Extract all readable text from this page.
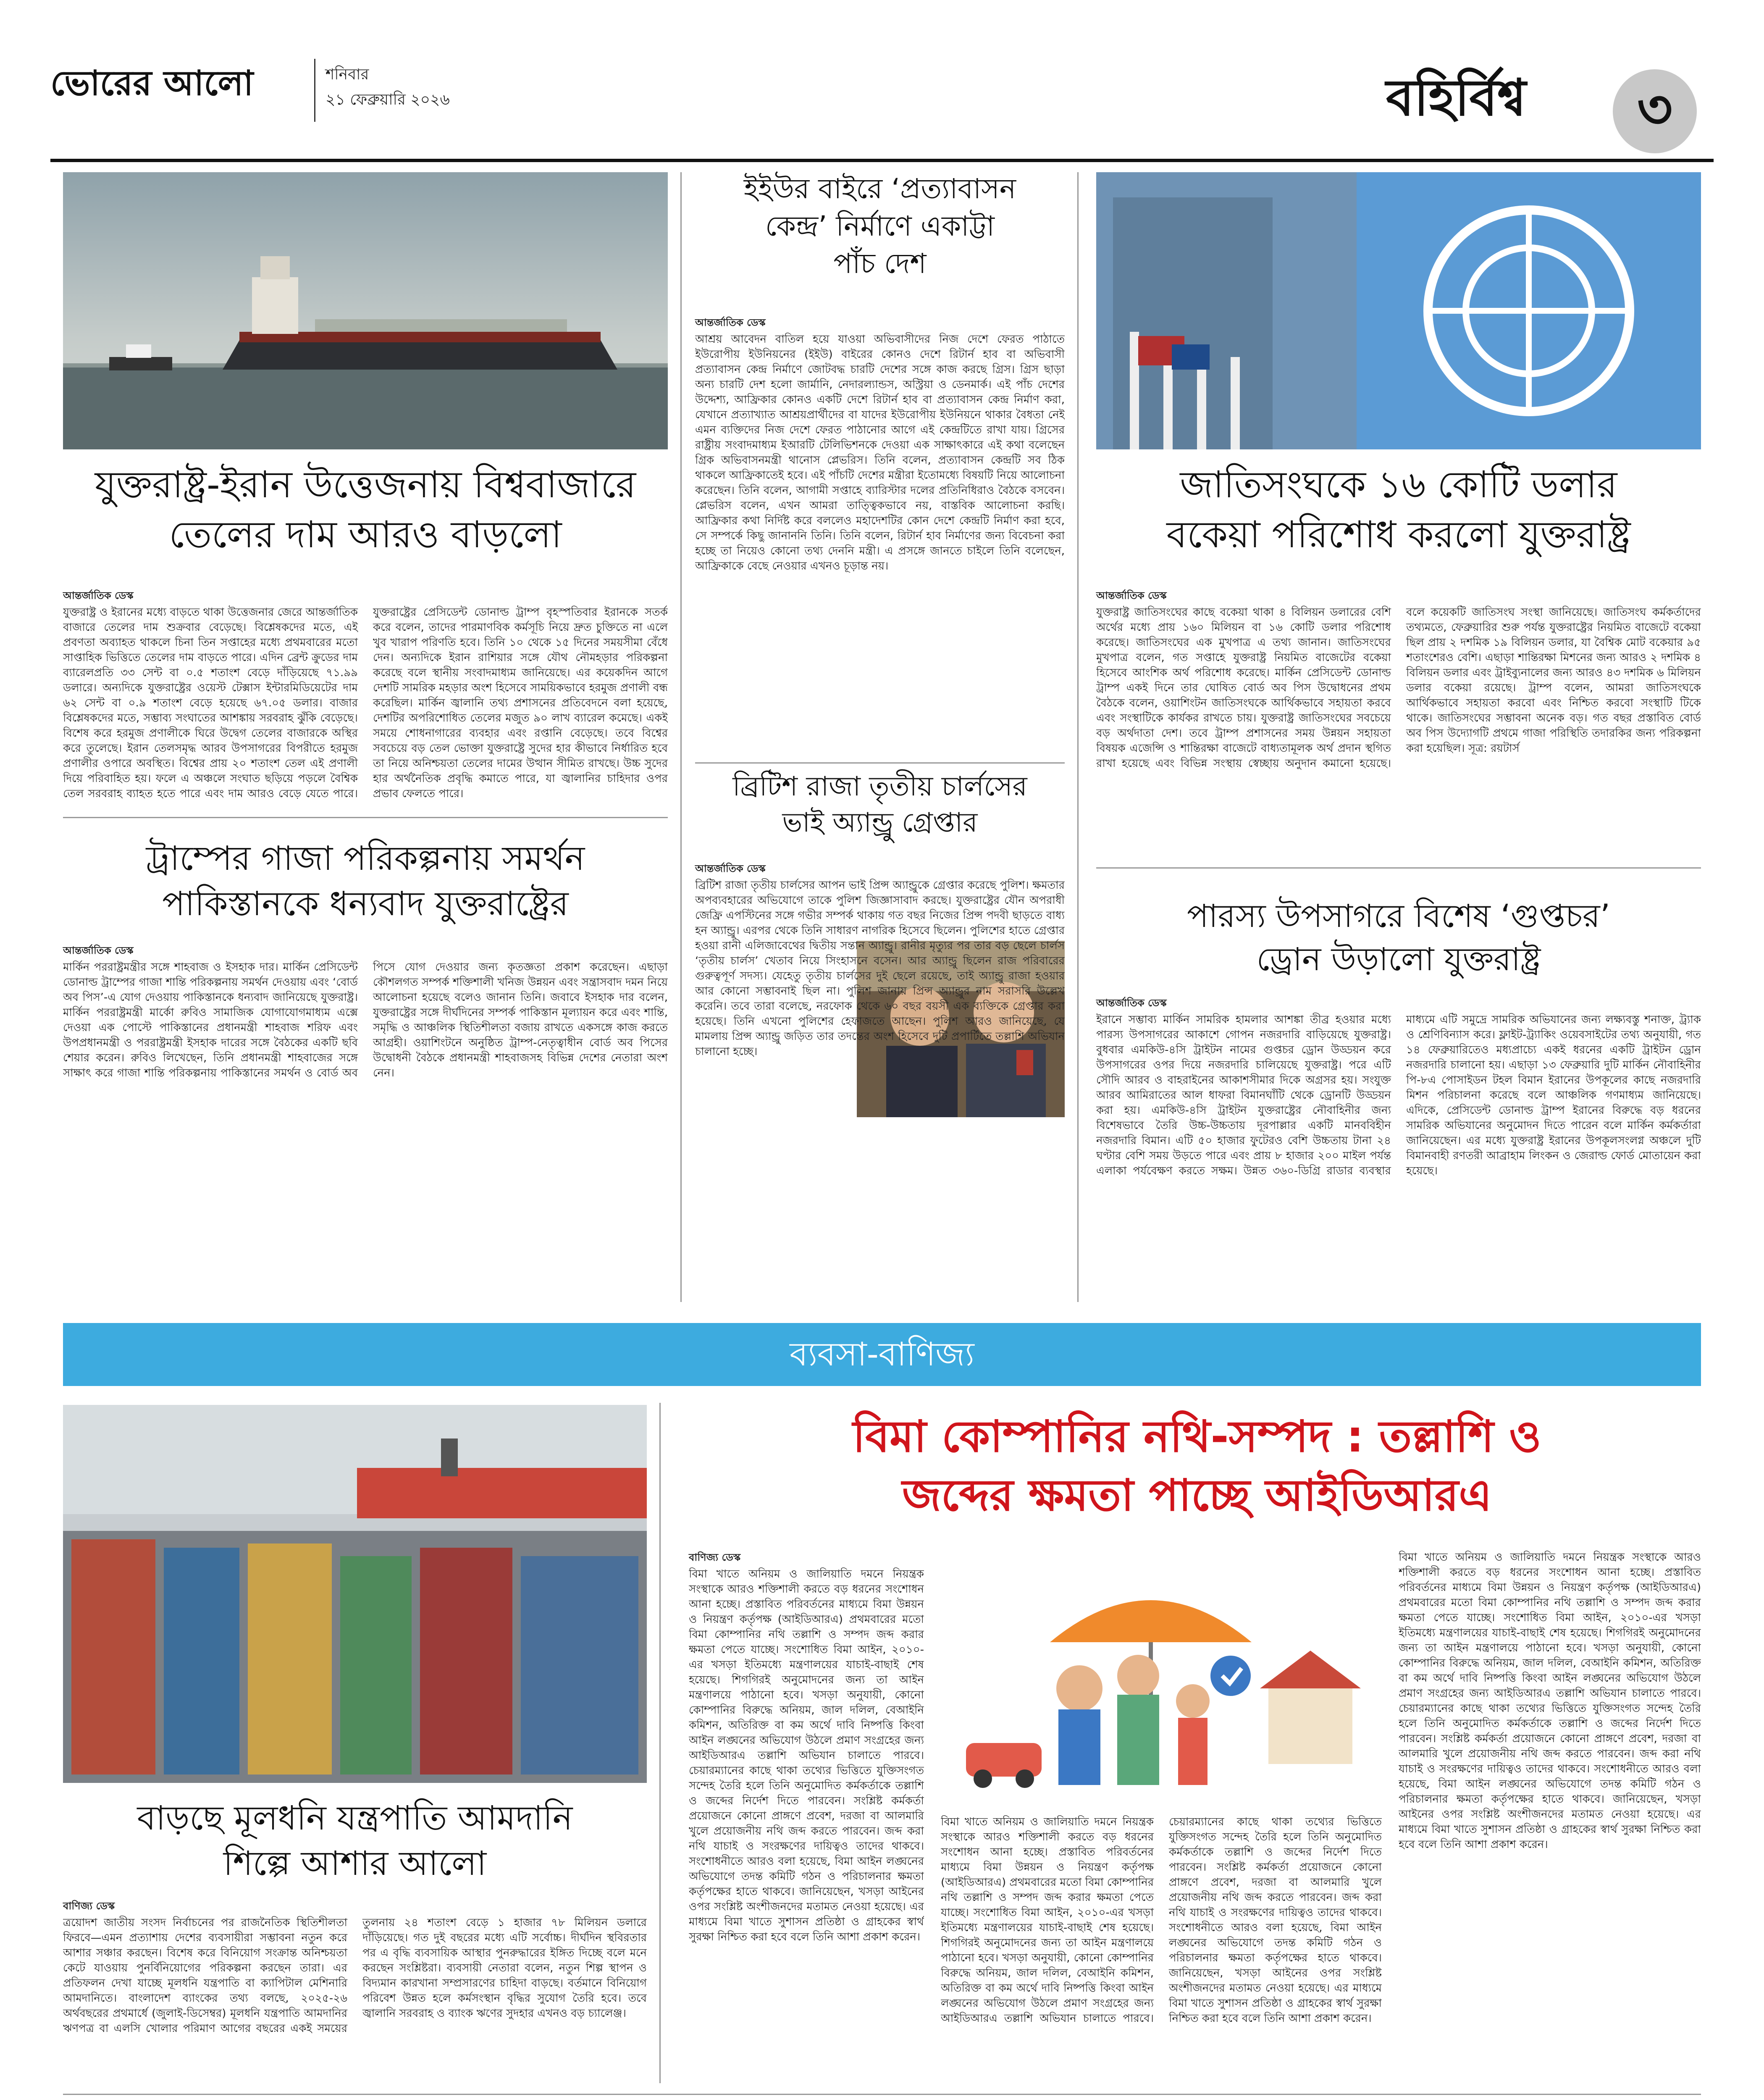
ভোরের আলো	শনিবার
২১ ফেব্রুয়ারি ২০২৬	বহির্বিশ্ব	৩
যুক্তরাষ্ট্র-ইরান উত্তেজনায় বিশ্ববাজারে
তেলের দাম আরও বাড়লো
আন্তর্জাতিক ডেস্ক

যুক্তরাষ্ট্র ও ইরানের মধ্যে বাড়তে থাকা উত্তেজনার জেরে আন্তর্জাতিক বাজারে তেলের দাম শুক্রবার বেড়েছে। বিশ্লেষকদের মতে, এই প্রবণতা অব্যাহত থাকলে চিনা তিন সপ্তাহের মধ্যে প্রথমবারের মতো সাপ্তাহিক ভিত্তিতে তেলের দাম বাড়তে পারে। এদিন ব্রেন্ট ক্রুডের দাম ব্যারেলপ্রতি ৩৩ সেন্ট বা ০.৫ শতাংশ বেড়ে দাঁড়িয়েছে ৭১.৯৯ ডলারে। অন্যদিকে যুক্তরাষ্ট্রের ওয়েস্ট টেক্সাস ইন্টারমিডিয়েটের দাম ৬২ সেন্ট বা ০.৯ শতাংশ বেড়ে হয়েছে ৬৭.০৫ ডলার। বাজার বিশ্লেষকদের মতে, সম্ভাব্য সংঘাতের আশঙ্কায় সরবরাহ ঝুঁকি বেড়েছে। বিশেষ করে হরমুজ প্রণালীকে ঘিরে উদ্বেগ তেলের বাজারকে অস্থির করে তুলেছে। ইরান তেলসমৃদ্ধ আরব উপসাগরের বিপরীতে হরমুজ প্রণালীর ওপারে অবস্থিত। বিশ্বের প্রায় ২০ শতাংশ তেল এই প্রণালী দিয়ে পরিবাহিত হয়। ফলে এ অঞ্চলে সংঘাত ছড়িয়ে পড়লে বৈশ্বিক তেল সরবরাহ ব্যাহত হতে পারে এবং দাম আরও বেড়ে যেতে পারে। যুক্তরাষ্ট্রের প্রেসিডেন্ট ডোনাল্ড ট্রাম্প বৃহস্পতিবার ইরানকে সতর্ক করে বলেন, তাদের পারমাণবিক কর্মসূচি নিয়ে দ্রুত চুক্তিতে না এলে খুব খারাপ পরিণতি হবে। তিনি ১০ থেকে ১৫ দিনের সময়সীমা বেঁধে দেন। অন্যদিকে ইরান রাশিয়ার সঙ্গে যৌথ নৌমহড়ার পরিকল্পনা করেছে বলে স্থানীয় সংবাদমাধ্যম জানিয়েছে। এর কয়েকদিন আগে দেশটি সামরিক মহড়ার অংশ হিসেবে সাময়িকভাবে হরমুজ প্রণালী বন্ধ করেছিল। মার্কিন জ্বালানি তথ্য প্রশাসনের প্রতিবেদনে বলা হয়েছে, দেশটির অপরিশোধিত তেলের মজুত ৯০ লাখ ব্যারেল কমেছে। একই সময়ে শোধনাগারের ব্যবহার এবং রপ্তানি বেড়েছে। তবে বিশ্বের সবচেয়ে বড় তেল ভোক্তা যুক্তরাষ্ট্রে সুদের হার কীভাবে নির্ধারিত হবে তা নিয়ে অনিশ্চয়তা তেলের দামের উত্থান সীমিত রাখছে। উচ্চ সুদের হার অর্থনৈতিক প্রবৃদ্ধি কমাতে পারে, যা জ্বালানির চাহিদার ওপর প্রভাব ফেলতে পারে।

ট্রাম্পের গাজা পরিকল্পনায় সমর্থন
পাকিস্তানকে ধন্যবাদ যুক্তরাষ্ট্রের
আন্তর্জাতিক ডেস্ক

মার্কিন পররাষ্ট্রমন্ত্রীর সঙ্গে শাহবাজ ও ইসহাক দার। মার্কিন প্রেসিডেন্ট ডোনাল্ড ট্রাম্পের গাজা শান্তি পরিকল্পনায় সমর্থন দেওয়ায় এবং ‘বোর্ড অব পিস’-এ যোগ দেওয়ায় পাকিস্তানকে ধন্যবাদ জানিয়েছে যুক্তরাষ্ট্র। মার্কিন পররাষ্ট্রমন্ত্রী মার্কো রুবিও সামাজিক যোগাযোগমাধ্যম এক্সে দেওয়া এক পোস্টে পাকিস্তানের প্রধানমন্ত্রী শাহবাজ শরিফ এবং উপপ্রধানমন্ত্রী ও পররাষ্ট্রমন্ত্রী ইসহাক দারের সঙ্গে বৈঠকের একটি ছবি শেয়ার করেন। রুবিও লিখেছেন, তিনি প্রধানমন্ত্রী শাহবাজের সঙ্গে সাক্ষাৎ করে গাজা শান্তি পরিকল্পনায় পাকিস্তানের সমর্থন ও বোর্ড অব পিসে যোগ দেওয়ার জন্য কৃতজ্ঞতা প্রকাশ করেছেন। এছাড়া কৌশলগত সম্পর্ক শক্তিশালী খনিজ উন্নয়ন এবং সন্ত্রাসবাদ দমন নিয়ে আলোচনা হয়েছে বলেও জানান তিনি। জবাবে ইসহাক দার বলেন, যুক্তরাষ্ট্রের সঙ্গে দীর্ঘদিনের সম্পর্ক পাকিস্তান মূল্যায়ন করে এবং শান্তি, সমৃদ্ধি ও আঞ্চলিক স্থিতিশীলতা বজায় রাখতে একসঙ্গে কাজ করতে আগ্রহী। ওয়াশিংটনে অনুষ্ঠিত ট্রাম্প-নেতৃত্বাধীন বোর্ড অব পিসের উদ্বোধনী বৈঠকে প্রধানমন্ত্রী শাহবাজসহ বিভিন্ন দেশের নেতারা অংশ নেন।

ইইউর বাইরে ‘প্রত্যাবাসন
কেন্দ্র’ নির্মাণে একাট্টা
পাঁচ দেশ
আন্তর্জাতিক ডেস্ক

আশ্রয় আবেদন বাতিল হয়ে যাওয়া অভিবাসীদের নিজ দেশে ফেরত পাঠাতে ইউরোপীয় ইউনিয়নের (ইইউ) বাইরের কোনও দেশে রিটার্ন হাব বা অভিবাসী প্রত্যাবাসন কেন্দ্র নির্মাণে জোটবদ্ধ চারটি দেশের সঙ্গে কাজ করছে গ্রিস। গ্রিস ছাড়া অন্য চারটি দেশ হলো জার্মানি, নেদারল্যান্ডস, অস্ট্রিয়া ও ডেনমার্ক। এই পাঁচ দেশের উদ্দেশ্য, আফ্রিকার কোনও একটি দেশে রিটার্ন হাব বা প্রত্যাবাসন কেন্দ্র নির্মাণ করা, যেখানে প্রত্যাখ্যাত আশ্রয়প্রার্থীদের বা যাদের ইউরোপীয় ইউনিয়নে থাকার বৈধতা নেই এমন ব্যক্তিদের নিজ দেশে ফেরত পাঠানোর আগে এই কেন্দ্রটিতে রাখা যায়। গ্রিসের রাষ্ট্রীয় সংবাদমাধ্যম ইআরটি টেলিভিশনকে দেওয়া এক সাক্ষাৎকারে এই কথা বলেছেন গ্রিক অভিবাসনমন্ত্রী থানোস প্লেভরিস। তিনি বলেন, প্রত্যাবাসন কেন্দ্রটি সব ঠিক থাকলে আফ্রিকাতেই হবে। এই পাঁচটি দেশের মন্ত্রীরা ইতোমধ্যে বিষয়টি নিয়ে আলোচনা করেছেন। তিনি বলেন, আগামী সপ্তাহে ব্যারিস্টার দলের প্রতিনিধিরাও বৈঠকে বসবেন। প্লেভরিস বলেন, এখন আমরা তাত্ত্বিকভাবে নয়, বাস্তবিক আলোচনা করছি। আফ্রিকার কথা নির্দিষ্ট করে বললেও মহাদেশটির কোন দেশে কেন্দ্রটি নির্মাণ করা হবে, সে সম্পর্কে কিছু জানাননি তিনি। তিনি বলেন, রিটার্ন হাব নির্মাণের জন্য বিবেচনা করা হচ্ছে তা নিয়েও কোনো তথ্য দেননি মন্ত্রী। এ প্রসঙ্গে জানতে চাইলে তিনি বলেছেন, আফ্রিকাকে বেছে নেওয়ার এখনও চূড়ান্ত নয়।

ব্রিটিশ রাজা তৃতীয় চার্লসের
ভাই অ্যান্ড্রু গ্রেপ্তার
আন্তর্জাতিক ডেস্ক

ব্রিটিশ রাজা তৃতীয় চার্লসের আপন ভাই প্রিন্স অ্যান্ড্রুকে গ্রেপ্তার করেছে পুলিশ। ক্ষমতার অপব্যবহারের অভিযোগে তাকে পুলিশ জিজ্ঞাসাবাদ করছে। যুক্তরাষ্ট্রের যৌন অপরাধী জেফ্রি এপস্টিনের সঙ্গে গভীর সম্পর্ক থাকায় গত বছর নিজের প্রিন্স পদবী ছাড়তে বাধ্য হন অ্যান্ড্রু। এরপর থেকে তিনি সাধারণ নাগরিক হিসেবে ছিলেন। পুলিশের হাতে গ্রেপ্তার হওয়া রানী এলিজাবেথের দ্বিতীয় সন্তান অ্যান্ড্রু। রানীর মৃত্যুর পর তার বড় ছেলে চার্লস ‘তৃতীয় চার্লস’ খেতাব নিয়ে সিংহাসনে বসেন। আর অ্যান্ড্রু ছিলেন রাজ পরিবারের গুরুত্বপূর্ণ সদস্য। যেহেতু তৃতীয় চার্লসের দুই ছেলে রয়েছে, তাই অ্যান্ড্রু রাজা হওয়ার আর কোনো সম্ভাবনাই ছিল না। পুলিশ জানায় প্রিন্স অ্যান্ড্রুর নাম সরাসরি উল্লেখ করেনি। তবে তারা বলেছে, নরফোক থেকে ৬০ বছর বয়সী এক ব্যক্তিকে গ্রেপ্তার করা হয়েছে। তিনি এখনো পুলিশের হেফাজতে আছেন। পুলিশ আরও জানিয়েছে, যে মামলায় প্রিন্স অ্যান্ড্রু জড়িত তার তদন্তের অংশ হিসেবে দুটি প্রপার্টিতে তল্লাশি অভিযান চালানো হচ্ছে।

জাতিসংঘকে ১৬ কোটি ডলার
বকেয়া পরিশোধ করলো যুক্তরাষ্ট্র
আন্তর্জাতিক ডেস্ক

যুক্তরাষ্ট্র জাতিসংঘের কাছে বকেয়া থাকা ৪ বিলিয়ন ডলারের বেশি অর্থের মধ্যে প্রায় ১৬০ মিলিয়ন বা ১৬ কোটি ডলার পরিশোধ করেছে। জাতিসংঘের এক মুখপাত্র এ তথ্য জানান। জাতিসংঘের মুখপাত্র বলেন, গত সপ্তাহে যুক্তরাষ্ট্র নিয়মিত বাজেটের বকেয়া হিসেবে আংশিক অর্থ পরিশোধ করেছে। মার্কিন প্রেসিডেন্ট ডোনাল্ড ট্রাম্প একই দিনে তার ঘোষিত বোর্ড অব পিস উদ্বোধনের প্রথম বৈঠকে বলেন, ওয়াশিংটন জাতিসংঘকে আর্থিকভাবে সহায়তা করবে এবং সংস্থাটিকে কার্যকর রাখতে চায়। যুক্তরাষ্ট্র জাতিসংঘের সবচেয়ে বড় অর্থদাতা দেশ। তবে ট্রাম্প প্রশাসনের সময় উন্নয়ন সহায়তা বিষয়ক এজেন্সি ও শান্তিরক্ষা বাজেটে বাধ্যতামূলক অর্থ প্রদান স্থগিত রাখা হয়েছে এবং বিভিন্ন সংস্থায় স্বেচ্ছায় অনুদান কমানো হয়েছে। বলে কয়েকটি জাতিসংঘ সংস্থা জানিয়েছে। জাতিসংঘ কর্মকর্তাদের তথ্যমতে, ফেব্রুয়ারির শুরু পর্যন্ত যুক্তরাষ্ট্রের নিয়মিত বাজেটে বকেয়া ছিল প্রায় ২ দশমিক ১৯ বিলিয়ন ডলার, যা বৈশ্বিক মোট বকেয়ার ৯৫ শতাংশেরও বেশি। এছাড়া শান্তিরক্ষা মিশনের জন্য আরও ২ দশমিক ৪ বিলিয়ন ডলার এবং ট্রাইব্যুনালের জন্য আরও ৪৩ দশমিক ৬ মিলিয়ন ডলার বকেয়া রয়েছে। ট্রাম্প বলেন, আমরা জাতিসংঘকে আর্থিকভাবে সহায়তা করবো এবং নিশ্চিত করবো সংস্থাটি টিকে থাকে। জাতিসংঘের সম্ভাবনা অনেক বড়। গত বছর প্রস্তাবিত বোর্ড অব পিস উদ্যোগটি প্রথমে গাজা পরিস্থিতি তদারকির জন্য পরিকল্পনা করা হয়েছিল। সূত্র: রয়টার্স

পারস্য উপসাগরে বিশেষ ‘গুপ্তচর’
ড্রোন উড়ালো যুক্তরাষ্ট্র
আন্তর্জাতিক ডেস্ক

ইরানে সম্ভাব্য মার্কিন সামরিক হামলার আশঙ্কা তীব্র হওয়ার মধ্যে পারস্য উপসাগরের আকাশে গোপন নজরদারি বাড়িয়েছে যুক্তরাষ্ট্র। বুধবার এমকিউ-৪সি ট্রাইটন নামের গুপ্তচর ড্রোন উড্ডয়ন করে উপসাগরের ওপর দিয়ে নজরদারি চালিয়েছে যুক্তরাষ্ট্র। পরে এটি সৌদি আরব ও বাহরাইনের আকাশসীমার দিকে অগ্রসর হয়। সংযুক্ত আরব আমিরাতের আল ধাফরা বিমানঘাঁটি থেকে ড্রোনটি উড্ডয়ন করা হয়। এমকিউ-৪সি ট্রাইটন যুক্তরাষ্ট্রের নৌবাহিনীর জন্য বিশেষভাবে তৈরি উচ্চ-উচ্চতায় দূরপাল্লার একটি মানববিহীন নজরদারি বিমান। এটি ৫০ হাজার ফুটেরও বেশি উচ্চতায় টানা ২৪ ঘণ্টার বেশি সময় উড়তে পারে এবং প্রায় ৮ হাজার ২০০ মাইল পর্যন্ত এলাকা পর্যবেক্ষণ করতে সক্ষম। উন্নত ৩৬০-ডিগ্রি রাডার ব্যবস্থার মাধ্যমে এটি সমুদ্রে সামরিক অভিযানের জন্য লক্ষ্যবস্তু শনাক্ত, ট্র্যাক ও শ্রেণিবিন্যাস করে। ফ্লাইট-ট্র্যাকিং ওয়েবসাইটের তথ্য অনুযায়ী, গত ১৪ ফেব্রুয়ারিতেও মধ্যপ্রাচ্যে একই ধরনের একটি ট্রাইটন ড্রোন নজরদারি চালানো হয়। এছাড়া ১৩ ফেব্রুয়ারি দুটি মার্কিন নৌবাহিনীর পি-৮এ পোসাইডন টহল বিমান ইরানের উপকূলের কাছে নজরদারি মিশন পরিচালনা করেছে বলে আঞ্চলিক গণমাধ্যম জানিয়েছে। এদিকে, প্রেসিডেন্ট ডোনাল্ড ট্রাম্প ইরানের বিরুদ্ধে বড় ধরনের সামরিক অভিযানের অনুমোদন দিতে পারেন বলে মার্কিন কর্মকর্তারা জানিয়েছেন। এর মধ্যে যুক্তরাষ্ট্র ইরানের উপকূলসংলগ্ন অঞ্চলে দুটি বিমানবাহী রণতরী আব্রাহাম লিংকন ও জেরাল্ড ফোর্ড মোতায়েন করা হয়েছে।

ব্যবসা-বাণিজ্য
বাড়ছে মূলধনি যন্ত্রপাতি আমদানি
শিল্পে আশার আলো
বাণিজ্য ডেস্ক

ত্রয়োদশ জাতীয় সংসদ নির্বাচনের পর রাজনৈতিক স্থিতিশীলতা ফিরবে—এমন প্রত্যাশায় দেশের ব্যবসায়ীরা সম্ভাবনা নতুন করে আশার সঞ্চার করছেন। বিশেষ করে বিনিয়োগ সংক্রান্ত অনিশ্চয়তা কেটে যাওয়ায় পুনর্বিনিয়োগের পরিকল্পনা করছেন তারা। এর প্রতিফলন দেখা যাচ্ছে মূলধনি যন্ত্রপাতি বা ক্যাপিটাল মেশিনারি আমদানিতে। বাংলাদেশ ব্যাংকের তথ্য বলছে, ২০২৫-২৬ অর্থবছরের প্রথমার্ধে (জুলাই-ডিসেম্বর) মূলধনি যন্ত্রপাতি আমদানির ঋণপত্র বা এলসি খোলার পরিমাণ আগের বছরের একই সময়ের তুলনায় ২৪ শতাংশ বেড়ে ১ হাজার ৭৮ মিলিয়ন ডলারে দাঁড়িয়েছে। গত দুই বছরের মধ্যে এটি সর্বোচ্চ। দীর্ঘদিন স্থবিরতার পর এ বৃদ্ধি ব্যবসায়িক আস্থার পুনরুদ্ধারের ইঙ্গিত দিচ্ছে বলে মনে করছেন সংশ্লিষ্টরা। ব্যবসায়ী নেতারা বলেন, নতুন শিল্প স্থাপন ও বিদ্যমান কারখানা সম্প্রসারণের চাহিদা বাড়ছে। বর্তমানে বিনিয়োগ পরিবেশ উন্নত হলে কর্মসংস্থান বৃদ্ধির সুযোগ তৈরি হবে। তবে জ্বালানি সরবরাহ ও ব্যাংক ঋণের সুদহার এখনও বড় চ্যালেঞ্জ।

বিমা কোম্পানির নথি-সম্পদ : তল্লাশি ও
জব্দের ক্ষমতা পাচ্ছে আইডিআরএ
বাণিজ্য ডেস্ক

বিমা খাতে অনিয়ম ও জালিয়াতি দমনে নিয়ন্ত্রক সংস্থাকে আরও শক্তিশালী করতে বড় ধরনের সংশোধন আনা হচ্ছে। প্রস্তাবিত পরিবর্তনের মাধ্যমে বিমা উন্নয়ন ও নিয়ন্ত্রণ কর্তৃপক্ষ (আইডিআরএ) প্রথমবারের মতো বিমা কোম্পানির নথি তল্লাশি ও সম্পদ জব্দ করার ক্ষমতা পেতে যাচ্ছে। সংশোধিত বিমা আইন, ২০১০-এর খসড়া ইতিমধ্যে মন্ত্রণালয়ের যাচাই-বাছাই শেষ হয়েছে। শিগগিরই অনুমোদনের জন্য তা আইন মন্ত্রণালয়ে পাঠানো হবে। খসড়া অনুযায়ী, কোনো কোম্পানির বিরুদ্ধে অনিয়ম, জাল দলিল, বেআইনি কমিশন, অতিরিক্ত বা কম অর্থে দাবি নিষ্পত্তি কিংবা আইন লঙ্ঘনের অভিযোগ উঠলে প্রমাণ সংগ্রহের জন্য আইডিআরএ তল্লাশি অভিযান চালাতে পারবে। চেয়ারম্যানের কাছে থাকা তথ্যের ভিত্তিতে যুক্তিসংগত সন্দেহ তৈরি হলে তিনি অনুমোদিত কর্মকর্তাকে তল্লাশি ও জব্দের নির্দেশ দিতে পারবেন। সংশ্লিষ্ট কর্মকর্তা প্রয়োজনে কোনো প্রাঙ্গণে প্রবেশ, দরজা বা আলমারি খুলে প্রয়োজনীয় নথি জব্দ করতে পারবেন। জব্দ করা নথি যাচাই ও সংরক্ষণের দায়িত্বও তাদের থাকবে। সংশোধনীতে আরও বলা হয়েছে, বিমা আইন লঙ্ঘনের অভিযোগে তদন্ত কমিটি গঠন ও পরিচালনার ক্ষমতা কর্তৃপক্ষের হাতে থাকবে। জানিয়েছেন, খসড়া আইনের ওপর সংশ্লিষ্ট অংশীজনদের মতামত নেওয়া হয়েছে। এর মাধ্যমে বিমা খাতে সুশাসন প্রতিষ্ঠা ও গ্রাহকের স্বার্থ সুরক্ষা নিশ্চিত করা হবে বলে তিনি আশা প্রকাশ করেন।

বিমা খাতে অনিয়ম ও জালিয়াতি দমনে নিয়ন্ত্রক সংস্থাকে আরও শক্তিশালী করতে বড় ধরনের সংশোধন আনা হচ্ছে। প্রস্তাবিত পরিবর্তনের মাধ্যমে বিমা উন্নয়ন ও নিয়ন্ত্রণ কর্তৃপক্ষ (আইডিআরএ) প্রথমবারের মতো বিমা কোম্পানির নথি তল্লাশি ও সম্পদ জব্দ করার ক্ষমতা পেতে যাচ্ছে। সংশোধিত বিমা আইন, ২০১০-এর খসড়া ইতিমধ্যে মন্ত্রণালয়ের যাচাই-বাছাই শেষ হয়েছে। শিগগিরই অনুমোদনের জন্য তা আইন মন্ত্রণালয়ে পাঠানো হবে। খসড়া অনুযায়ী, কোনো কোম্পানির বিরুদ্ধে অনিয়ম, জাল দলিল, বেআইনি কমিশন, অতিরিক্ত বা কম অর্থে দাবি নিষ্পত্তি কিংবা আইন লঙ্ঘনের অভিযোগ উঠলে প্রমাণ সংগ্রহের জন্য আইডিআরএ তল্লাশি অভিযান চালাতে পারবে। চেয়ারম্যানের কাছে থাকা তথ্যের ভিত্তিতে যুক্তিসংগত সন্দেহ তৈরি হলে তিনি অনুমোদিত কর্মকর্তাকে তল্লাশি ও জব্দের নির্দেশ দিতে পারবেন। সংশ্লিষ্ট কর্মকর্তা প্রয়োজনে কোনো প্রাঙ্গণে প্রবেশ, দরজা বা আলমারি খুলে প্রয়োজনীয় নথি জব্দ করতে পারবেন। জব্দ করা নথি যাচাই ও সংরক্ষণের দায়িত্বও তাদের থাকবে। সংশোধনীতে আরও বলা হয়েছে, বিমা আইন লঙ্ঘনের অভিযোগে তদন্ত কমিটি গঠন ও পরিচালনার ক্ষমতা কর্তৃপক্ষের হাতে থাকবে। জানিয়েছেন, খসড়া আইনের ওপর সংশ্লিষ্ট অংশীজনদের মতামত নেওয়া হয়েছে। এর মাধ্যমে বিমা খাতে সুশাসন প্রতিষ্ঠা ও গ্রাহকের স্বার্থ সুরক্ষা নিশ্চিত করা হবে বলে তিনি আশা প্রকাশ করেন।

বিমা খাতে অনিয়ম ও জালিয়াতি দমনে নিয়ন্ত্রক সংস্থাকে আরও শক্তিশালী করতে বড় ধরনের সংশোধন আনা হচ্ছে। প্রস্তাবিত পরিবর্তনের মাধ্যমে বিমা উন্নয়ন ও নিয়ন্ত্রণ কর্তৃপক্ষ (আইডিআরএ) প্রথমবারের মতো বিমা কোম্পানির নথি তল্লাশি ও সম্পদ জব্দ করার ক্ষমতা পেতে যাচ্ছে। সংশোধিত বিমা আইন, ২০১০-এর খসড়া ইতিমধ্যে মন্ত্রণালয়ের যাচাই-বাছাই শেষ হয়েছে। শিগগিরই অনুমোদনের জন্য তা আইন মন্ত্রণালয়ে পাঠানো হবে। খসড়া অনুযায়ী, কোনো কোম্পানির বিরুদ্ধে অনিয়ম, জাল দলিল, বেআইনি কমিশন, অতিরিক্ত বা কম অর্থে দাবি নিষ্পত্তি কিংবা আইন লঙ্ঘনের অভিযোগ উঠলে প্রমাণ সংগ্রহের জন্য আইডিআরএ তল্লাশি অভিযান চালাতে পারবে। চেয়ারম্যানের কাছে থাকা তথ্যের ভিত্তিতে যুক্তিসংগত সন্দেহ তৈরি হলে তিনি অনুমোদিত কর্মকর্তাকে তল্লাশি ও জব্দের নির্দেশ দিতে পারবেন। সংশ্লিষ্ট কর্মকর্তা প্রয়োজনে কোনো প্রাঙ্গণে প্রবেশ, দরজা বা আলমারি খুলে প্রয়োজনীয় নথি জব্দ করতে পারবেন। জব্দ করা নথি যাচাই ও সংরক্ষণের দায়িত্বও তাদের থাকবে। সংশোধনীতে আরও বলা হয়েছে, বিমা আইন লঙ্ঘনের অভিযোগে তদন্ত কমিটি গঠন ও পরিচালনার ক্ষমতা কর্তৃপক্ষের হাতে থাকবে। জানিয়েছেন, খসড়া আইনের ওপর সংশ্লিষ্ট অংশীজনদের মতামত নেওয়া হয়েছে। এর মাধ্যমে বিমা খাতে সুশাসন প্রতিষ্ঠা ও গ্রাহকের স্বার্থ সুরক্ষা নিশ্চিত করা হবে বলে তিনি আশা প্রকাশ করেন।
